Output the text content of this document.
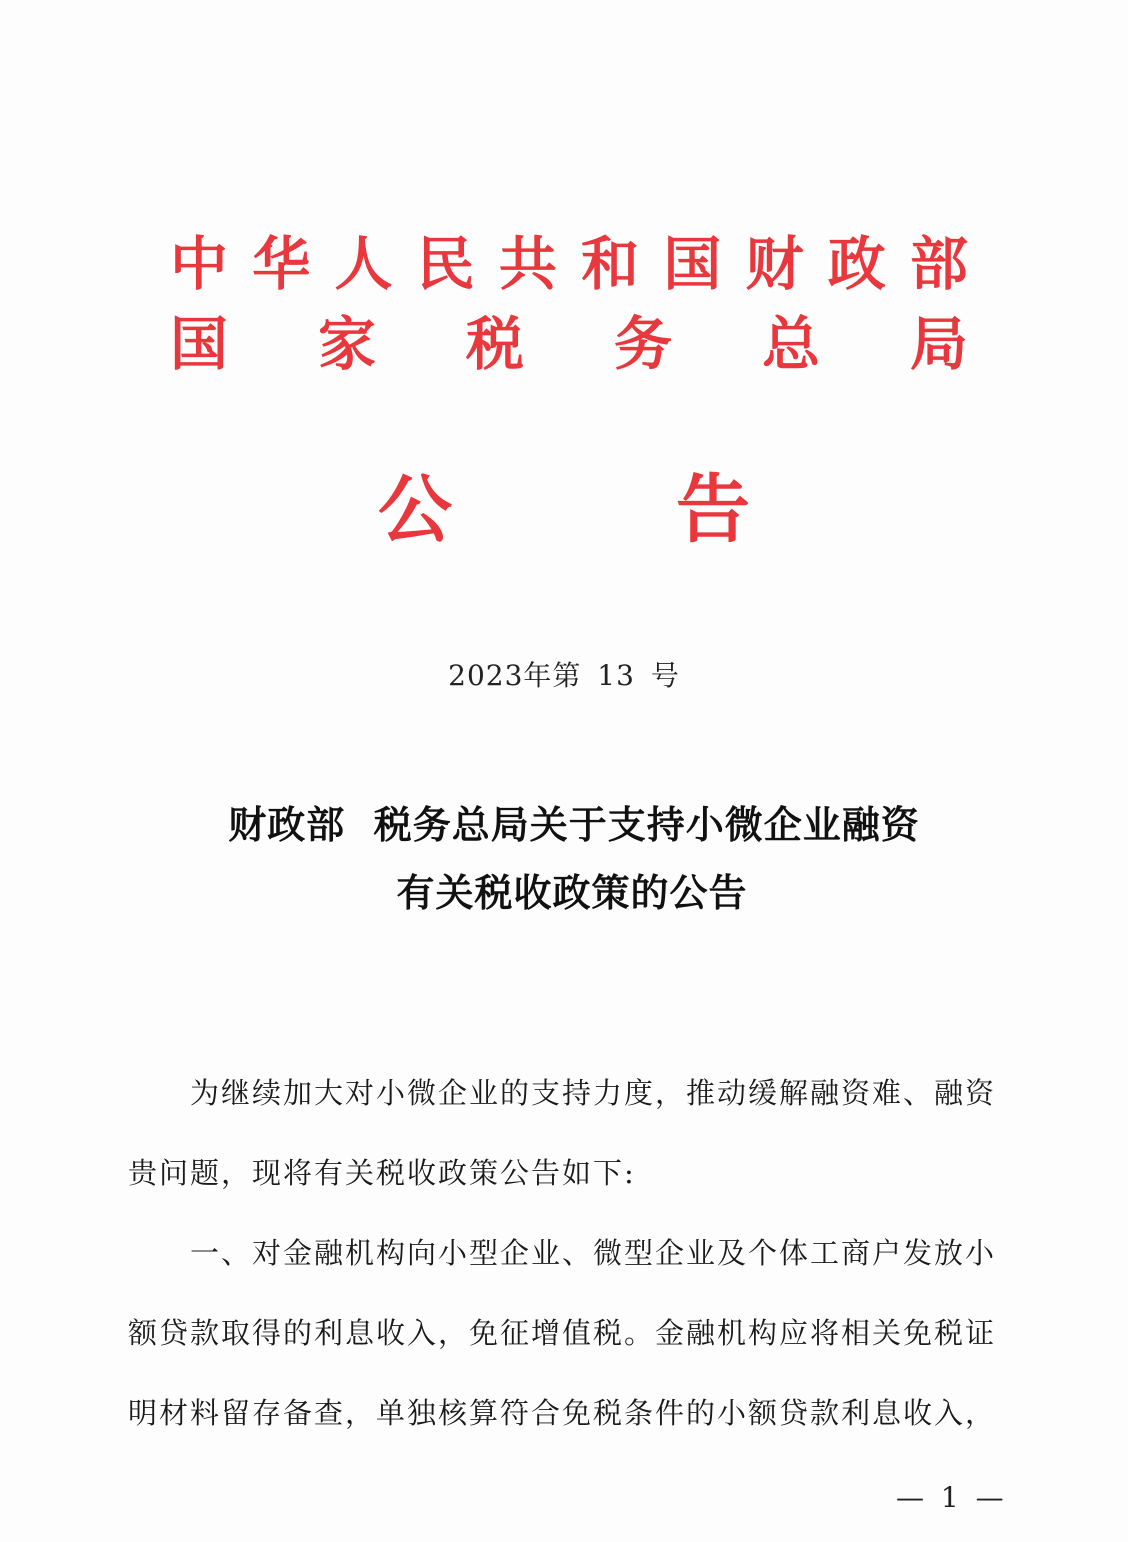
中 华 人 民 共 和 国 财 政 部
国 家 税 务 总 局
公	告
2023年第 13 号
财政部  税务总局关于支持小微企业融资
有关税收政策的公告
为继续加大对小微企业的支持力度，推动缓解融资难、融资
贵问题，现将有关税收政策公告如下:
一、对金融机构向小型企业、微型企业及个体工商户发放小
额贷款取得的利息收入，免征增值税。金融机构应将相关免税证
明材料留存备查，单独核算符合免税条件的小额贷款利息收入，
— 1 —
